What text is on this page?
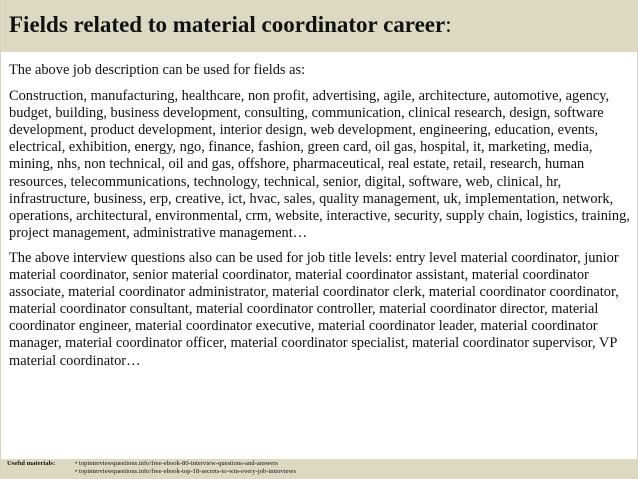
Fields related to material coordinator career:

The above job description can be used for fields as:

Construction, manufacturing, healthcare, non profit, advertising, agile, architecture, automotive, agency, budget, building, business development, consulting, communication, clinical research, design, software development, product development, interior design, web development, engineering, education, events, electrical, exhibition, energy, ngo, finance, fashion, green card, oil gas, hospital, it, marketing, media, mining, nhs, non technical, oil and gas, offshore, pharmaceutical, real estate, retail, research, human resources, telecommunications, technology, technical, senior, digital, software, web, clinical, hr, infrastructure, business, erp, creative, ict, hvac, sales, quality management, uk, implementation, network, operations, architectural, environmental, crm, website, interactive, security, supply chain, logistics, training, project management, administrative management…

The above interview questions also can be used for job title levels: entry level material coordinator, junior material coordinator, senior material coordinator, material coordinator assistant, material coordinator associate, material coordinator administrator, material coordinator clerk, material coordinator coordinator, material coordinator consultant, material coordinator controller, material coordinator director, material coordinator engineer, material coordinator executive, material coordinator leader, material coordinator manager, material coordinator officer, material coordinator specialist, material coordinator supervisor, VP material coordinator…

Useful materials:	• topinterviewquestions.info/free-ebook-80-interview-questions-and-answers
• topinterviewquestions.info/free-ebook-top-18-secrets-to-win-every-job-interviews
